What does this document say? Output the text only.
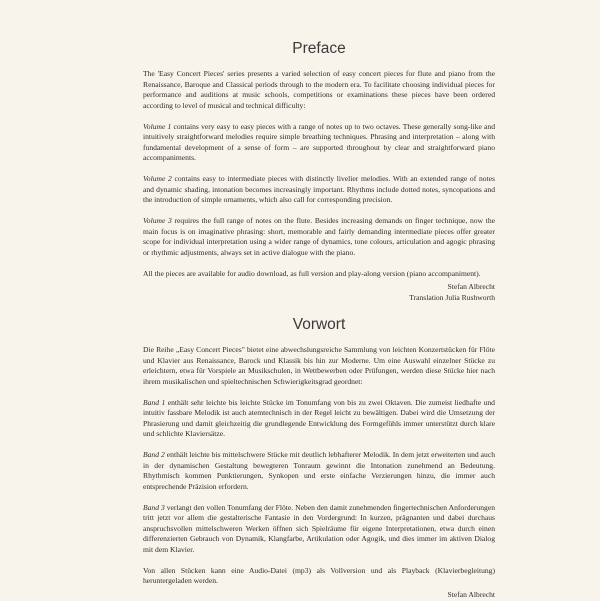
Preface

The 'Easy Concert Pieces' series presents a varied selection of easy concert pieces for flute and piano from the Renaissance, Baroque and Classical periods through to the modern era. To facilitate choosing individual pieces for performance and auditions at music schools, competitions or examinations these pieces have been ordered according to level of musical and technical difficulty:

Volume 1 contains very easy to easy pieces with a range of notes up to two octaves. These generally song-like and intuitively straightforward melodies require simple breathing techniques. Phrasing and interpretation – along with fundamental development of a sense of form – are supported throughout by clear and straightforward piano accompaniments.

Volume 2 contains easy to intermediate pieces with distinctly livelier melodies. With an extended range of notes and dynamic shading, intonation becomes increasingly important. Rhythms include dotted notes, syncopations and the introduction of simple ornaments, which also call for corresponding precision.

Volume 3 requires the full range of notes on the flute. Besides increasing demands on finger technique, now the main focus is on imaginative phrasing: short, memorable and fairly demanding intermediate pieces offer greater scope for individual interpretation using a wider range of dynamics, tone colours, articulation and agogic phrasing or rhythmic adjustments, always set in active dialogue with the piano.

All the pieces are available for audio download, as full version and play-along version (piano accompaniment).

Stefan Albrecht

Translation Julia Rushworth

Vorwort

Die Reihe „Easy Concert Pieces" bietet eine abwechslungsreiche Sammlung von leichten Konzertstücken für Flöte und Klavier aus Renaissance, Barock und Klassik bis hin zur Moderne. Um eine Auswahl einzelner Stücke zu erleichtern, etwa für Vorspiele an Musikschulen, in Wettbewerben oder Prüfungen, werden diese Stücke hier nach ihrem musikalischen und spieltechnischen Schwierigkeitsgrad geordnet:

Band 1 enthält sehr leichte bis leichte Stücke im Tonumfang von bis zu zwei Oktaven. Die zumeist liedhafte und intuitiv fassbare Melodik ist auch atemtechnisch in der Regel leicht zu bewältigen. Dabei wird die Umsetzung der Phrasierung und damit gleichzeitig die grundlegende Entwicklung des Formgefühls immer unterstützt durch klare und schlichte Klaviersätze.

Band 2 enthält leichte bis mittelschwere Stücke mit deutlich lebhafterer Melodik. In dem jetzt erweiterten und auch in der dynamischen Gestaltung bewegteren Tonraum gewinnt die Intonation zunehmend an Bedeutung. Rhythmisch kommen Punktierungen, Synkopen und erste einfache Verzierungen hinzu, die immer auch entsprechende Präzision erfordern.

Band 3 verlangt den vollen Tonumfang der Flöte. Neben den damit zunehmenden fingertechnischen Anforderungen tritt jetzt vor allem die gestalterische Fantasie in den Vordergrund: In kurzen, prägnanten und dabei durchaus anspruchsvollen mittelschweren Werken öffnen sich Spielräume für eigene Interpretationen, etwa durch einen differenzierten Gebrauch von Dynamik, Klangfarbe, Artikulation oder Agogik, und dies immer im aktiven Dialog mit dem Klavier.

Von allen Stücken kann eine Audio-Datei (mp3) als Vollversion und als Playback (Klavierbegleitung) heruntergeladen werden.

Stefan Albrecht
